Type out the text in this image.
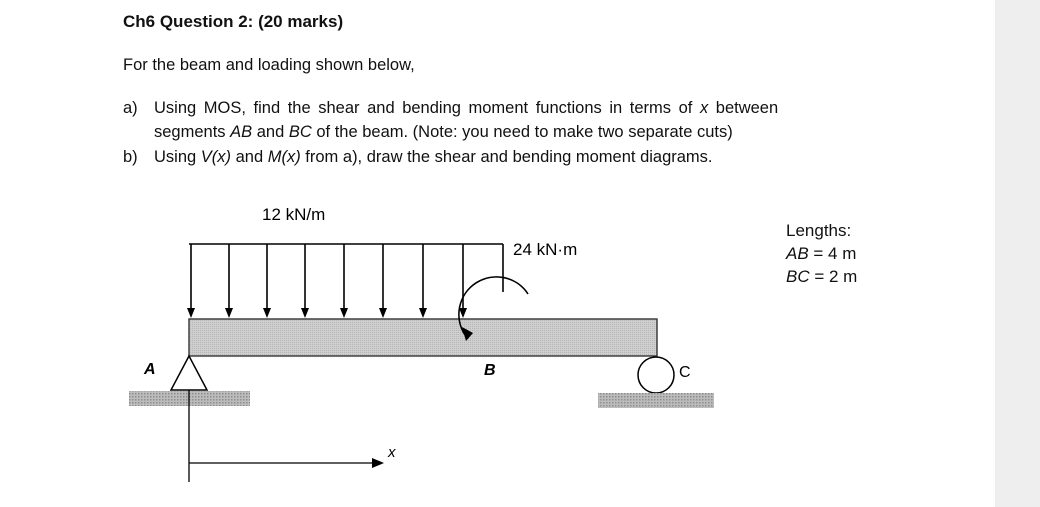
Ch6 Question 2: (20 marks)
For the beam and loading shown below,
a) Using MOS, find the shear and bending moment functions in terms of x between
segments AB and BC of the beam. (Note: you need to make two separate cuts)
b) Using V(x) and M(x) from a), draw the shear and bending moment diagrams.
12 kN/m
24 kN·m
A	B	C
x
Lengths:
AB = 4 m
BC = 2 m
